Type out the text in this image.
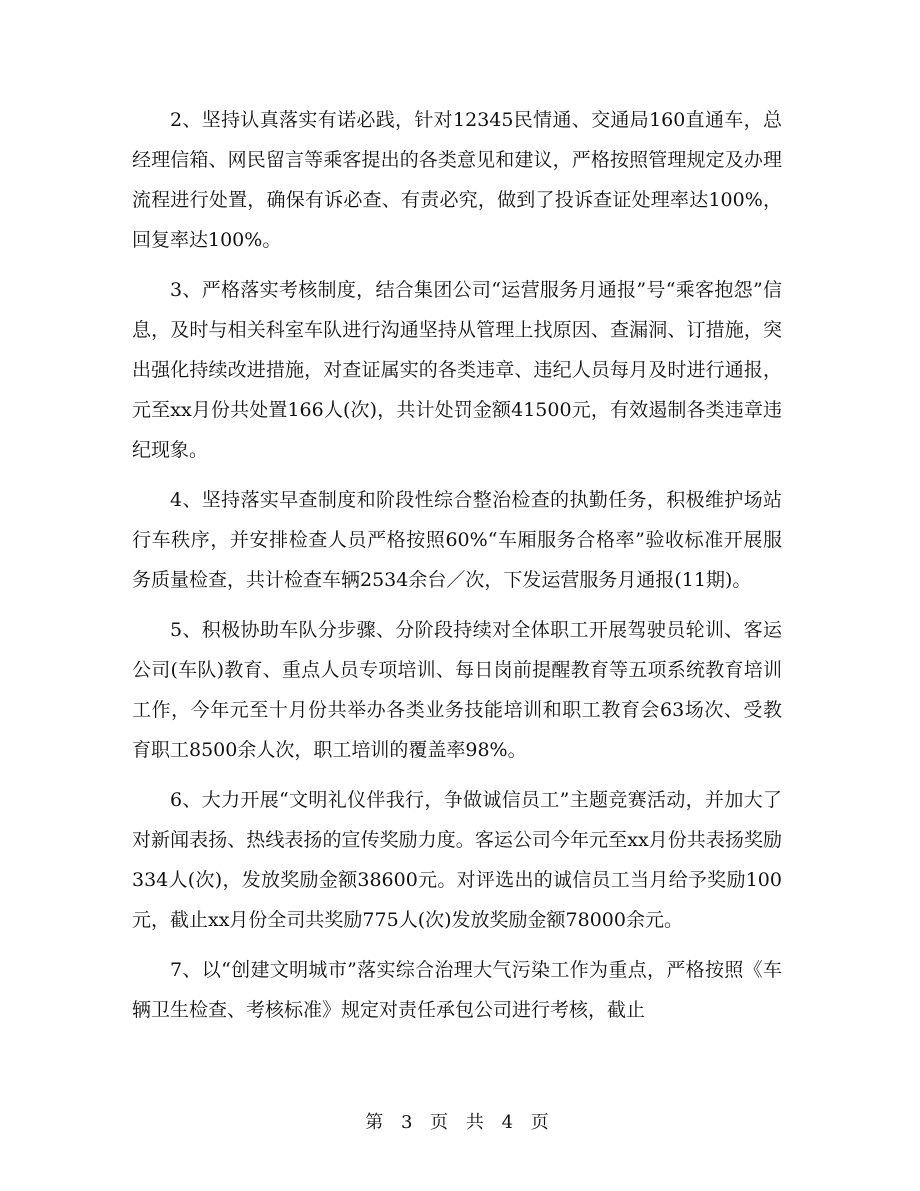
2、坚持认真落实有诺必践，针对12345民情通、交通局160直通车，总经理信箱、网民留言等乘客提出的各类意见和建议，严格按照管理规定及办理流程进行处置，确保有诉必查、有责必究，做到了投诉查证处理率达100%，回复率达100%。

3、严格落实考核制度，结合集团公司“运营服务月通报”号“乘客抱怨”信息，及时与相关科室车队进行沟通坚持从管理上找原因、查漏洞、订措施，突出强化持续改进措施，对查证属实的各类违章、违纪人员每月及时进行通报，元至xx月份共处置166人(次)，共计处罚金额41500元，有效遏制各类违章违纪现象。

4、坚持落实早查制度和阶段性综合整治检查的执勤任务，积极维护场站行车秩序，并安排检查人员严格按照60%“车厢服务合格率”验收标准开展服务质量检查，共计检查车辆2534余台／次，下发运营服务月通报(11期)。

5、积极协助车队分步骤、分阶段持续对全体职工开展驾驶员轮训、客运公司(车队)教育、重点人员专项培训、每日岗前提醒教育等五项系统教育培训工作，今年元至十月份共举办各类业务技能培训和职工教育会63场次、受教育职工8500余人次，职工培训的覆盖率98%。

6、大力开展“文明礼仪伴我行，争做诚信员工”主题竞赛活动，并加大了对新闻表扬、热线表扬的宣传奖励力度。客运公司今年元至xx月份共表扬奖励334人(次)，发放奖励金额38600元。对评选出的诚信员工当月给予奖励100元，截止xx月份全司共奖励775人(次)发放奖励金额78000余元。

7、以“创建文明城市”落实综合治理大气污染工作为重点，严格按照《车辆卫生检查、考核标准》规定对责任承包公司进行考核，截止

第 3 页 共 4 页
